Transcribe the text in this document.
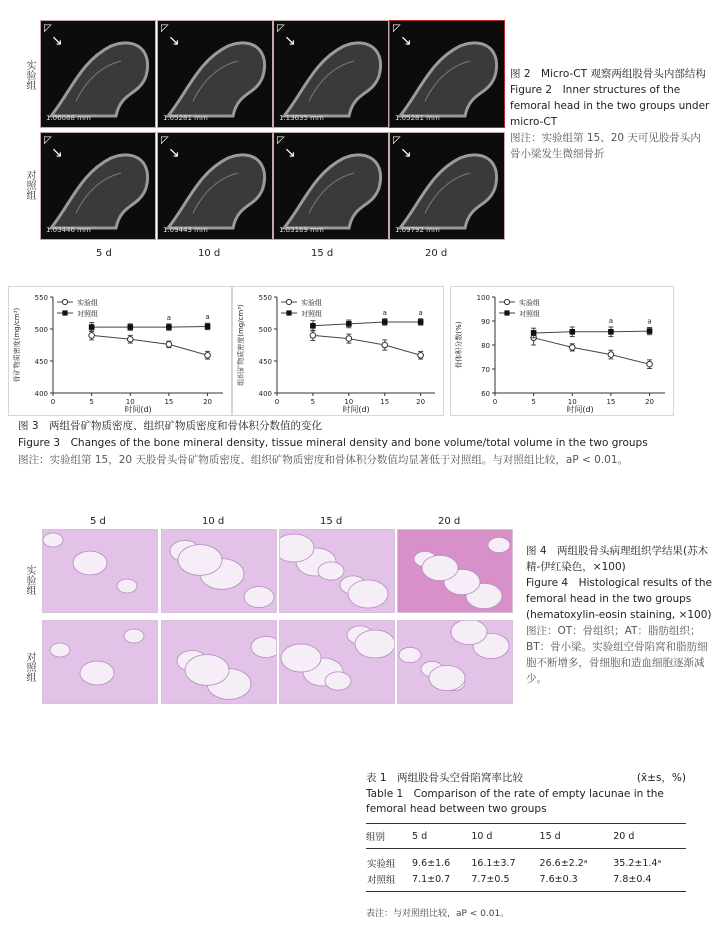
实验组
对照组
◸
↘
1.06088 mm
◸
↘
1.05281 mm
◸
↘
1.13635 mm
◸
↘
1.05281 mm
◸
↘
1.03446 mm
◸
↘
1.09443 mm
◸
↘
1.03169 mm
◸
↘
1.09792 mm
5 d	10 d	15 d	20 d
图 2　Micro-CT 观察两组股骨头内部结构
Figure 2　Inner structures of the femoral head in the two groups under micro-CT
图注：实验组第 15、20 天可见股骨头内骨小梁发生微细骨折
400
450
500
550
0	5	10	15	20
时间(d)
骨矿物质密度(mg/cm³)	a	a
实验组
对照组
400
450
500
550
0	5	10	15	20
时间(d)
组织矿物质密度(mg/cm³)	a	a
实验组
对照组
60
70
80
90
100
0	5	10	15	20
时间(d)
骨体积分数(%)
a	a
实验组
对照组
图 3　两组骨矿物质密度、组织矿物质密度和骨体积分数值的变化
Figure 3　Changes of the bone mineral density, tissue mineral density and bone volume/total volume in the two groups
图注：实验组第 15，20 天股骨头骨矿物质密度、组织矿物质密度和骨体积分数值均显著低于对照组。与对照组比较，aP < 0.01。
5 d	10 d	15 d	20 d
实验组
对照组
图 4　两组股骨头病理组织学结果(苏木精-伊红染色，×100)
Figure 4　Histological results of the femoral head in the two groups (hematoxylin-eosin staining, ×100)
图注：OT：骨组织；AT：脂肪组织；BT：骨小梁。实验组空骨陷窝和脂肪细胞不断增多，骨细胞和造血细胞逐渐减少。
表 1　两组股骨头空骨陷窝率比较	(x̄±s，%)
Table 1　Comparison of the rate of empty lacunae in the femoral head between two groups
组别	5 d	10 d	15 d	20 d
实验组	9.6±1.6	16.1±3.7	26.6±2.2ᵃ	35.2±1.4ᵃ
对照组	7.1±0.7	7.7±0.5	7.6±0.3	7.8±0.4
表注：与对照组比较，aP < 0.01。
